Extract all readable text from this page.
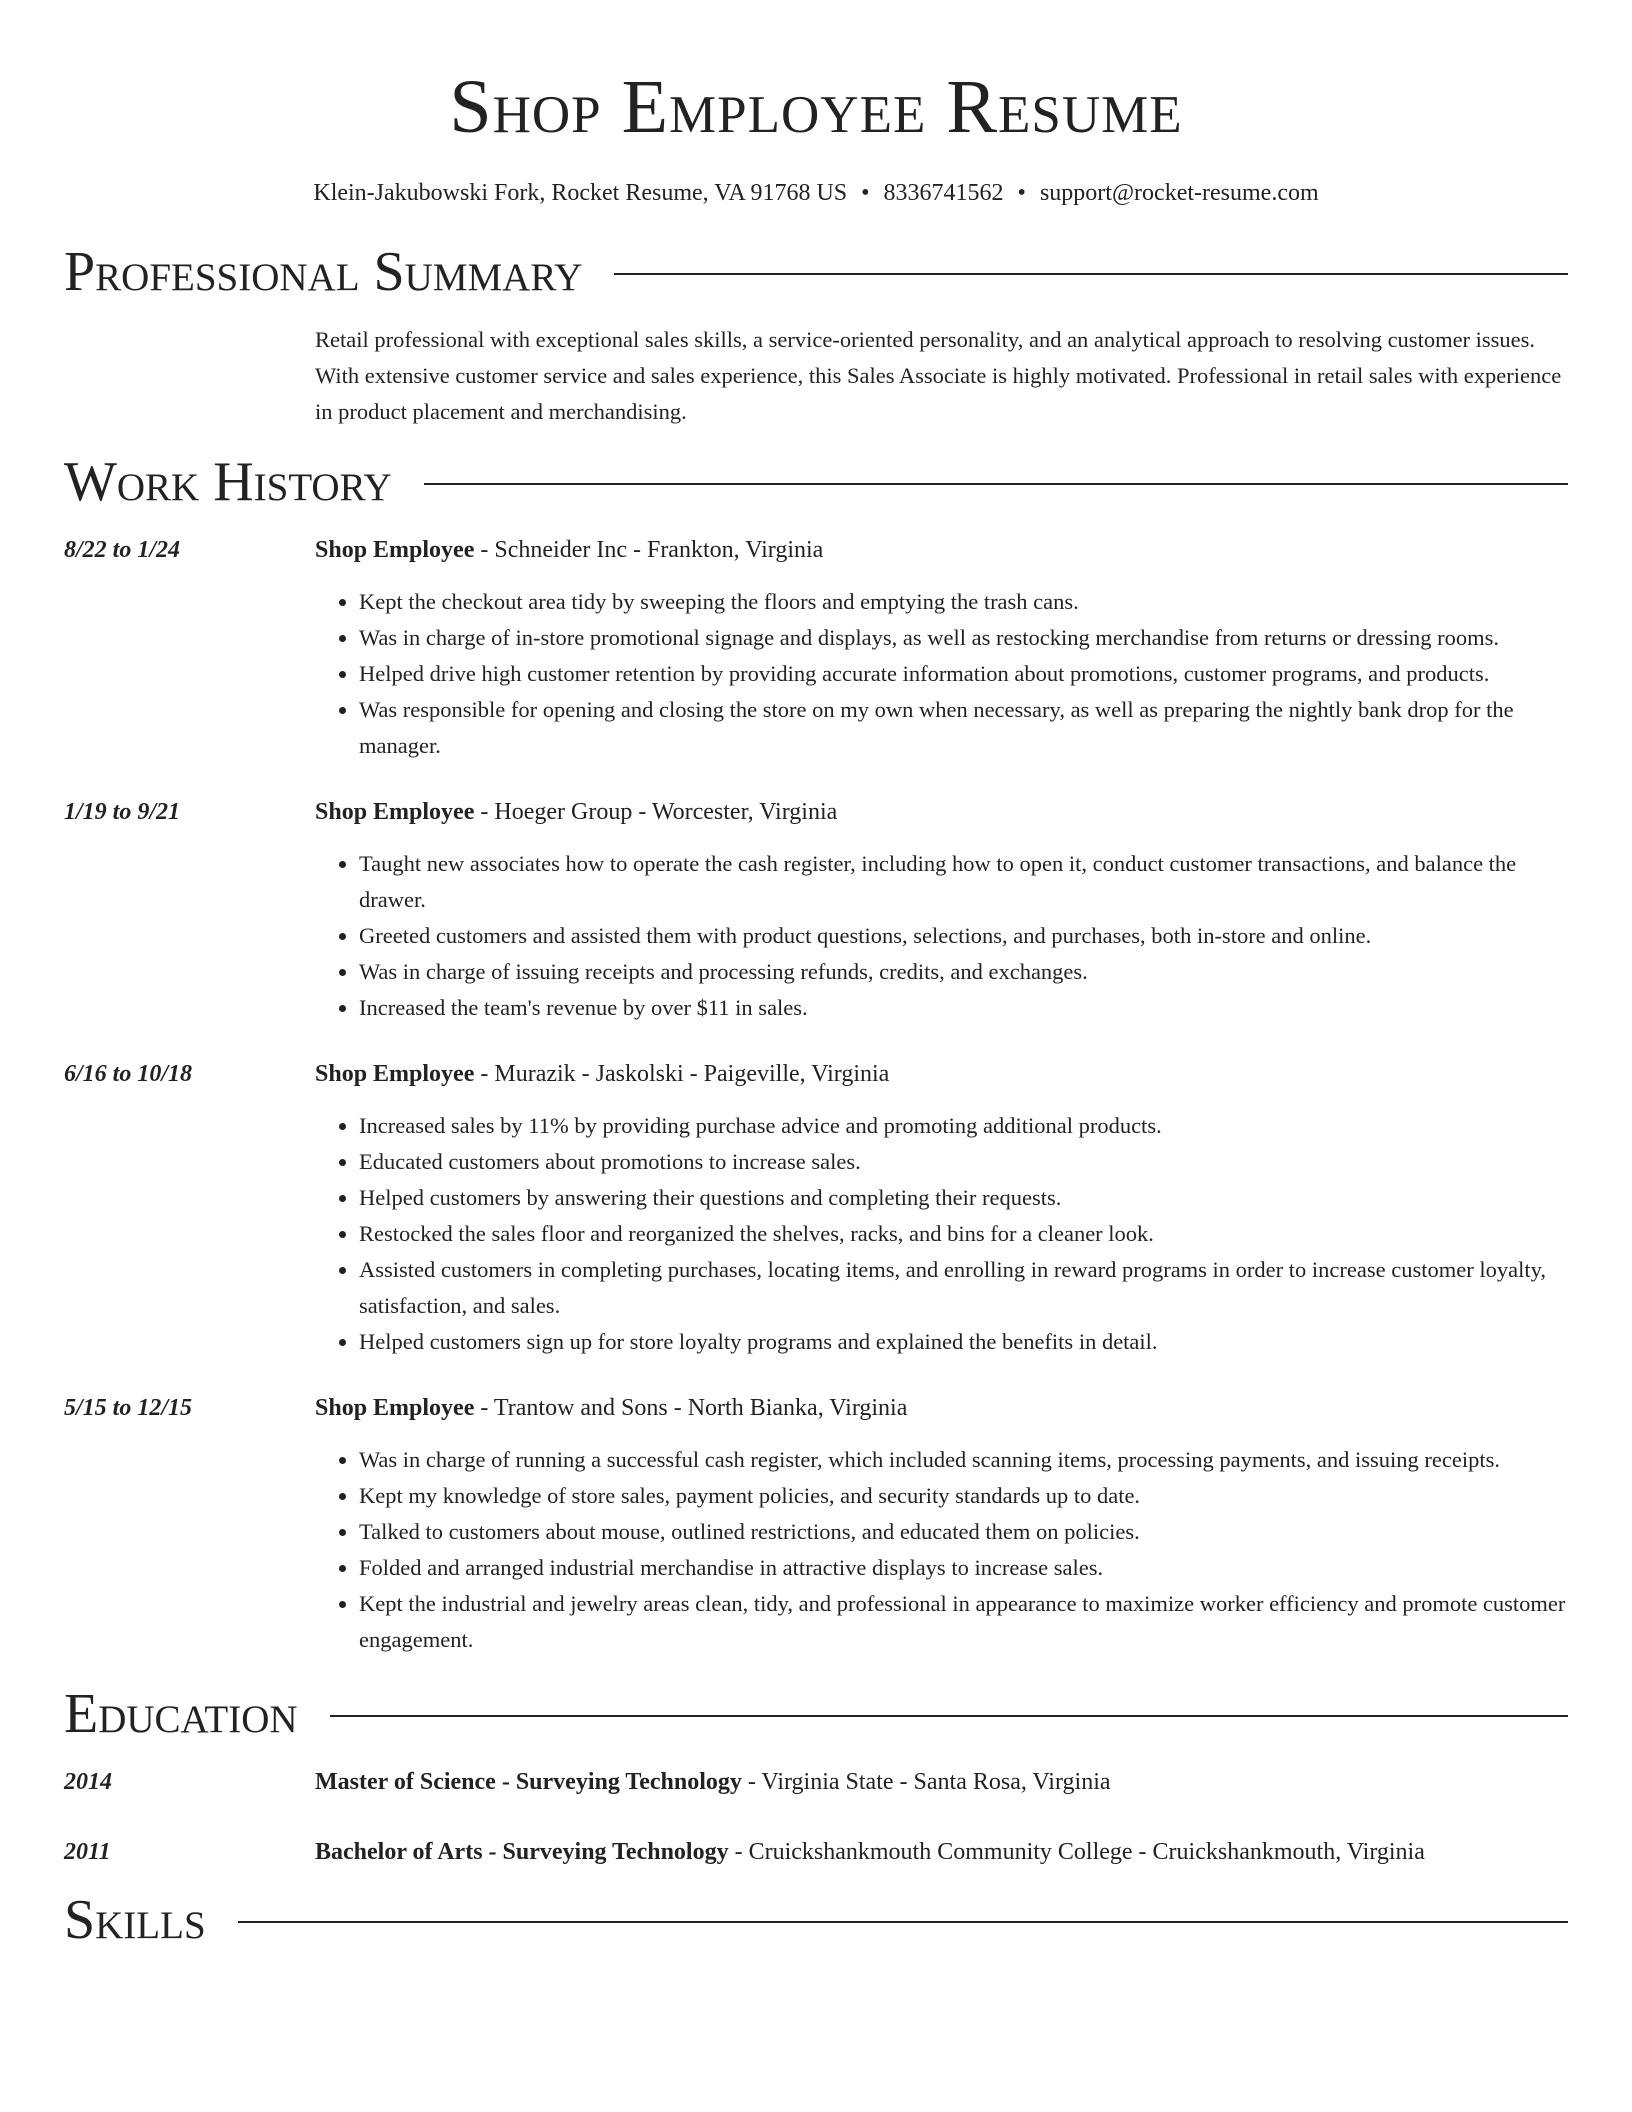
Shop Employee Resume
Klein-Jakubowski Fork, Rocket Resume, VA 91768 US • 8336741562 • support@rocket-resume.com
Professional Summary
Retail professional with exceptional sales skills, a service-oriented personality, and an analytical approach to resolving customer issues. With extensive customer service and sales experience, this Sales Associate is highly motivated. Professional in retail sales with experience in product placement and merchandising.
Work History
8/22 to 1/24	Shop Employee - Schneider Inc - Frankton, Virginia
• Kept the checkout area tidy by sweeping the floors and emptying the trash cans.
• Was in charge of in-store promotional signage and displays, as well as restocking merchandise from returns or dressing rooms.
• Helped drive high customer retention by providing accurate information about promotions, customer programs, and products.
• Was responsible for opening and closing the store on my own when necessary, as well as preparing the nightly bank drop for the manager.
1/19 to 9/21	Shop Employee - Hoeger Group - Worcester, Virginia
• Taught new associates how to operate the cash register, including how to open it, conduct customer transactions, and balance the drawer.
• Greeted customers and assisted them with product questions, selections, and purchases, both in-store and online.
• Was in charge of issuing receipts and processing refunds, credits, and exchanges.
• Increased the team's revenue by over $11 in sales.
6/16 to 10/18	Shop Employee - Murazik - Jaskolski - Paigeville, Virginia
• Increased sales by 11% by providing purchase advice and promoting additional products.
• Educated customers about promotions to increase sales.
• Helped customers by answering their questions and completing their requests.
• Restocked the sales floor and reorganized the shelves, racks, and bins for a cleaner look.
• Assisted customers in completing purchases, locating items, and enrolling in reward programs in order to increase customer loyalty, satisfaction, and sales.
• Helped customers sign up for store loyalty programs and explained the benefits in detail.
5/15 to 12/15	Shop Employee - Trantow and Sons - North Bianka, Virginia
• Was in charge of running a successful cash register, which included scanning items, processing payments, and issuing receipts.
• Kept my knowledge of store sales, payment policies, and security standards up to date.
• Talked to customers about mouse, outlined restrictions, and educated them on policies.
• Folded and arranged industrial merchandise in attractive displays to increase sales.
• Kept the industrial and jewelry areas clean, tidy, and professional in appearance to maximize worker efficiency and promote customer engagement.
Education
2014	Master of Science - Surveying Technology - Virginia State - Santa Rosa, Virginia
2011	Bachelor of Arts - Surveying Technology - Cruickshankmouth Community College - Cruickshankmouth, Virginia
Skills
